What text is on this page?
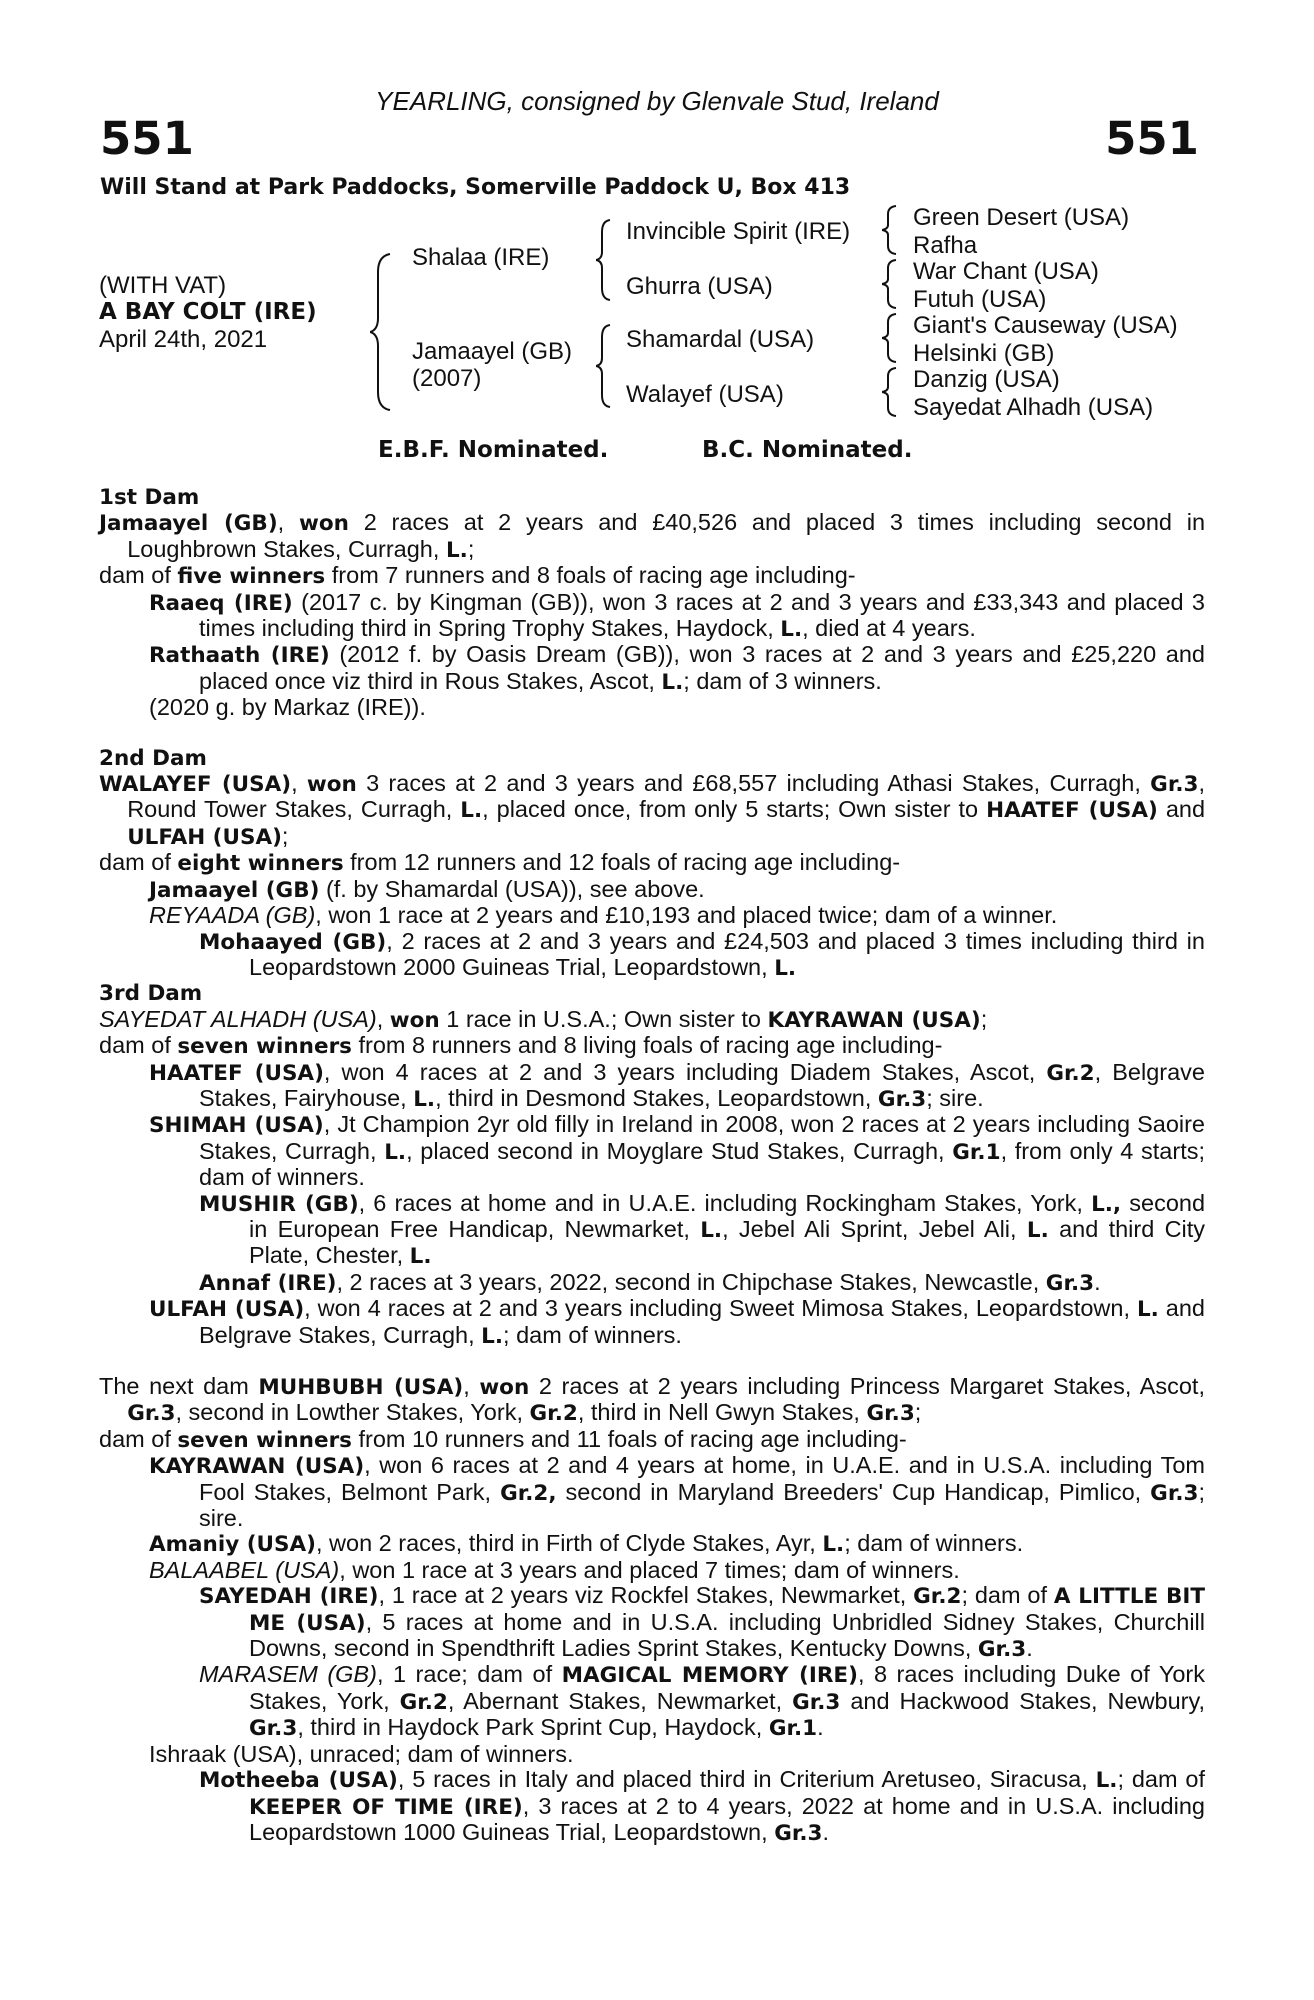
YEARLING, consigned by Glenvale Stud, Ireland
551	551
Will Stand at Park Paddocks, Somerville Paddock U, Box 413
(WITH VAT)
A BAY COLT (IRE)
April 24th, 2021
Shalaa (IRE)
Jamaayel (GB)
(2007)
Invincible Spirit (IRE)
Ghurra (USA)
Shamardal (USA)
Walayef (USA)
Green Desert (USA)
Rafha
War Chant (USA)
Futuh (USA)
Giant's Causeway (USA)
Helsinki (GB)
Danzig (USA)
Sayedat Alhadh (USA)
E.B.F. Nominated.	B.C. Nominated.

1st Dam

Jamaayel (GB), won 2 races at 2 years and £40,526 and placed 3 times including second in Loughbrown Stakes, Curragh, L.;

dam of five winners from 7 runners and 8 foals of racing age including-

Raaeq (IRE) (2017 c. by Kingman (GB)), won 3 races at 2 and 3 years and £33,343 and placed 3 times including third in Spring Trophy Stakes, Haydock, L., died at 4 years.

Rathaath (IRE) (2012 f. by Oasis Dream (GB)), won 3 races at 2 and 3 years and £25,220 and placed once viz third in Rous Stakes, Ascot, L.; dam of 3 winners.

(2020 g. by Markaz (IRE)).

2nd Dam

WALAYEF (USA), won 3 races at 2 and 3 years and £68,557 including Athasi Stakes, Curragh, Gr.3, Round Tower Stakes, Curragh, L., placed once, from only 5 starts; Own sister to HAATEF (USA) and ULFAH (USA);

dam of eight winners from 12 runners and 12 foals of racing age including-

Jamaayel (GB) (f. by Shamardal (USA)), see above.

REYAADA (GB), won 1 race at 2 years and £10,193 and placed twice; dam of a winner.

Mohaayed (GB), 2 races at 2 and 3 years and £24,503 and placed 3 times including third in Leopardstown 2000 Guineas Trial, Leopardstown, L.

3rd Dam

SAYEDAT ALHADH (USA), won 1 race in U.S.A.; Own sister to KAYRAWAN (USA);

dam of seven winners from 8 runners and 8 living foals of racing age including-

HAATEF (USA), won 4 races at 2 and 3 years including Diadem Stakes, Ascot, Gr.2, Belgrave Stakes, Fairyhouse, L., third in Desmond Stakes, Leopardstown, Gr.3; sire.

SHIMAH (USA), Jt Champion 2yr old filly in Ireland in 2008, won 2 races at 2 years including Saoire Stakes, Curragh, L., placed second in Moyglare Stud Stakes, Curragh, Gr.1, from only 4 starts; dam of winners.

MUSHIR (GB), 6 races at home and in U.A.E. including Rockingham Stakes, York, L., second in European Free Handicap, Newmarket, L., Jebel Ali Sprint, Jebel Ali, L. and third City Plate, Chester, L.

Annaf (IRE), 2 races at 3 years, 2022, second in Chipchase Stakes, Newcastle, Gr.3.

ULFAH (USA), won 4 races at 2 and 3 years including Sweet Mimosa Stakes, Leopardstown, L. and Belgrave Stakes, Curragh, L.; dam of winners.

The next dam MUHBUBH (USA), won 2 races at 2 years including Princess Margaret Stakes, Ascot, Gr.3, second in Lowther Stakes, York, Gr.2, third in Nell Gwyn Stakes, Gr.3;

dam of seven winners from 10 runners and 11 foals of racing age including-

KAYRAWAN (USA), won 6 races at 2 and 4 years at home, in U.A.E. and in U.S.A. including Tom Fool Stakes, Belmont Park, Gr.2, second in Maryland Breeders' Cup Handicap, Pimlico, Gr.3; sire.

Amaniy (USA), won 2 races, third in Firth of Clyde Stakes, Ayr, L.; dam of winners.

BALAABEL (USA), won 1 race at 3 years and placed 7 times; dam of winners.

SAYEDAH (IRE), 1 race at 2 years viz Rockfel Stakes, Newmarket, Gr.2; dam of A LITTLE BIT ME (USA), 5 races at home and in U.S.A. including Unbridled Sidney Stakes, Churchill Downs, second in Spendthrift Ladies Sprint Stakes, Kentucky Downs, Gr.3.

MARASEM (GB), 1 race; dam of MAGICAL MEMORY (IRE), 8 races including Duke of York Stakes, York, Gr.2, Abernant Stakes, Newmarket, Gr.3 and Hackwood Stakes, Newbury, Gr.3, third in Haydock Park Sprint Cup, Haydock, Gr.1.

Ishraak (USA), unraced; dam of winners.

Motheeba (USA), 5 races in Italy and placed third in Criterium Aretuseo, Siracusa, L.; dam of KEEPER OF TIME (IRE), 3 races at 2 to 4 years, 2022 at home and in U.S.A. including Leopardstown 1000 Guineas Trial, Leopardstown, Gr.3.
